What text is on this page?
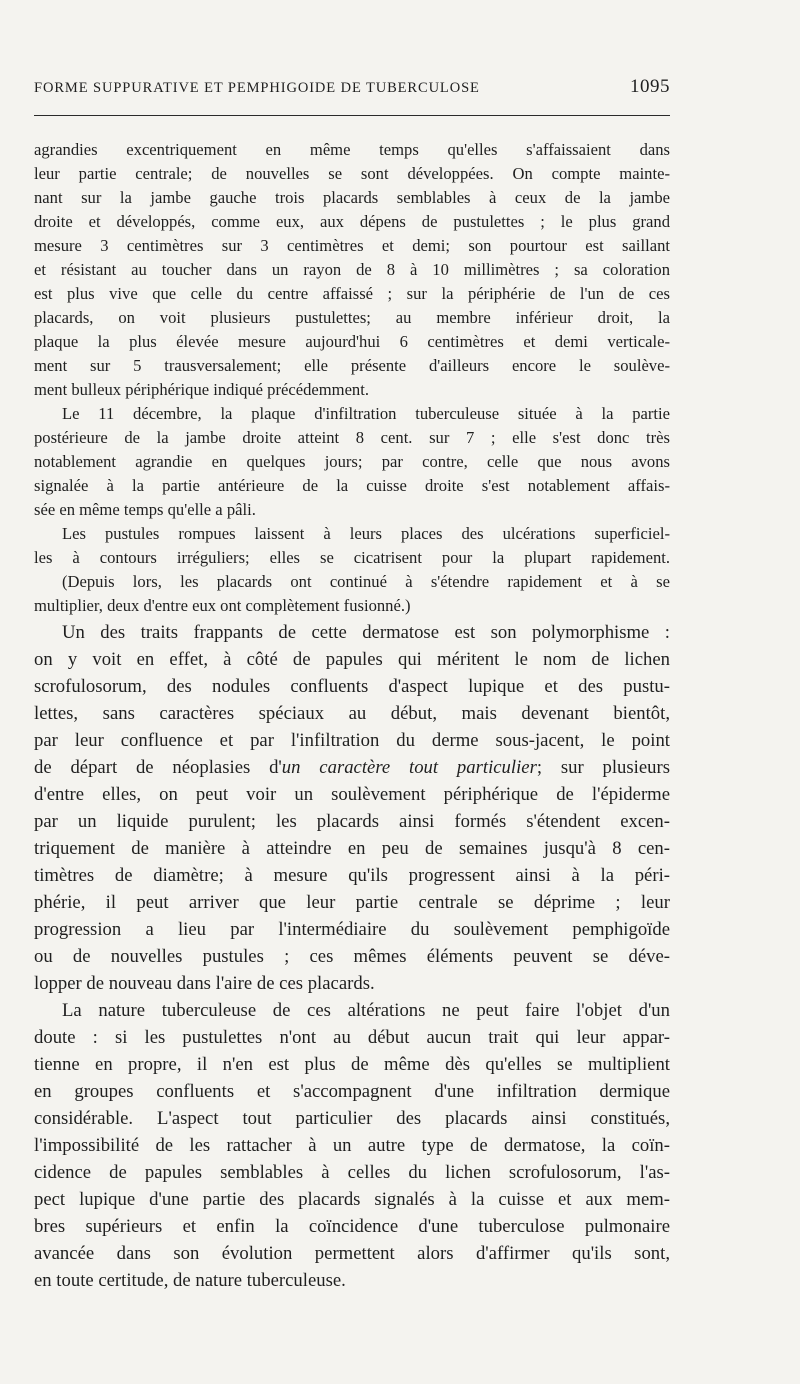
FORME SUPPURATIVE ET PEMPHIGOIDE DE TUBERCULOSE	1095

agrandies excentriquement en même temps qu'elles s'affaissaient dans

leur partie centrale; de nouvelles se sont développées. On compte mainte-

nant sur la jambe gauche trois placards semblables à ceux de la jambe

droite et développés, comme eux, aux dépens de pustulettes ; le plus grand

mesure 3 centimètres sur 3 centimètres et demi; son pourtour est saillant

et résistant au toucher dans un rayon de 8 à 10 millimètres ; sa coloration

est plus vive que celle du centre affaissé ; sur la périphérie de l'un de ces

placards, on voit plusieurs pustulettes; au membre inférieur droit, la

plaque la plus élevée mesure aujourd'hui 6 centimètres et demi verticale-

ment sur 5 trausversalement; elle présente d'ailleurs encore le soulève-

ment bulleux périphérique indiqué précédemment.

Le 11 décembre, la plaque d'infiltration tuberculeuse située à la partie

postérieure de la jambe droite atteint 8 cent. sur 7 ; elle s'est donc très

notablement agrandie en quelques jours; par contre, celle que nous avons

signalée à la partie antérieure de la cuisse droite s'est notablement affais-

sée en même temps qu'elle a pâli.

Les pustules rompues laissent à leurs places des ulcérations superficiel-

les à contours irréguliers; elles se cicatrisent pour la plupart rapidement.

(Depuis lors, les placards ont continué à s'étendre rapidement et à se

multiplier, deux d'entre eux ont complètement fusionné.)

Un des traits frappants de cette dermatose est son polymorphisme :

on y voit en effet, à côté de papules qui méritent le nom de lichen

scrofulosorum, des nodules confluents d'aspect lupique et des pustu-

lettes, sans caractères spéciaux au début, mais devenant bientôt,

par leur confluence et par l'infiltration du derme sous-jacent, le point

de départ de néoplasies d'un caractère tout particulier; sur plusieurs

d'entre elles, on peut voir un soulèvement périphérique de l'épiderme

par un liquide purulent; les placards ainsi formés s'étendent excen-

triquement de manière à atteindre en peu de semaines jusqu'à 8 cen-

timètres de diamètre; à mesure qu'ils progressent ainsi à la péri-

phérie, il peut arriver que leur partie centrale se déprime ; leur

progression a lieu par l'intermédiaire du soulèvement pemphigoïde

ou de nouvelles pustules ; ces mêmes éléments peuvent se déve-

lopper de nouveau dans l'aire de ces placards.

La nature tuberculeuse de ces altérations ne peut faire l'objet d'un

doute : si les pustulettes n'ont au début aucun trait qui leur appar-

tienne en propre, il n'en est plus de même dès qu'elles se multiplient

en groupes confluents et s'accompagnent d'une infiltration dermique

considérable. L'aspect tout particulier des placards ainsi constitués,

l'impossibilité de les rattacher à un autre type de dermatose, la coïn-

cidence de papules semblables à celles du lichen scrofulosorum, l'as-

pect lupique d'une partie des placards signalés à la cuisse et aux mem-

bres supérieurs et enfin la coïncidence d'une tuberculose pulmonaire

avancée dans son évolution permettent alors d'affirmer qu'ils sont,

en toute certitude, de nature tuberculeuse.
